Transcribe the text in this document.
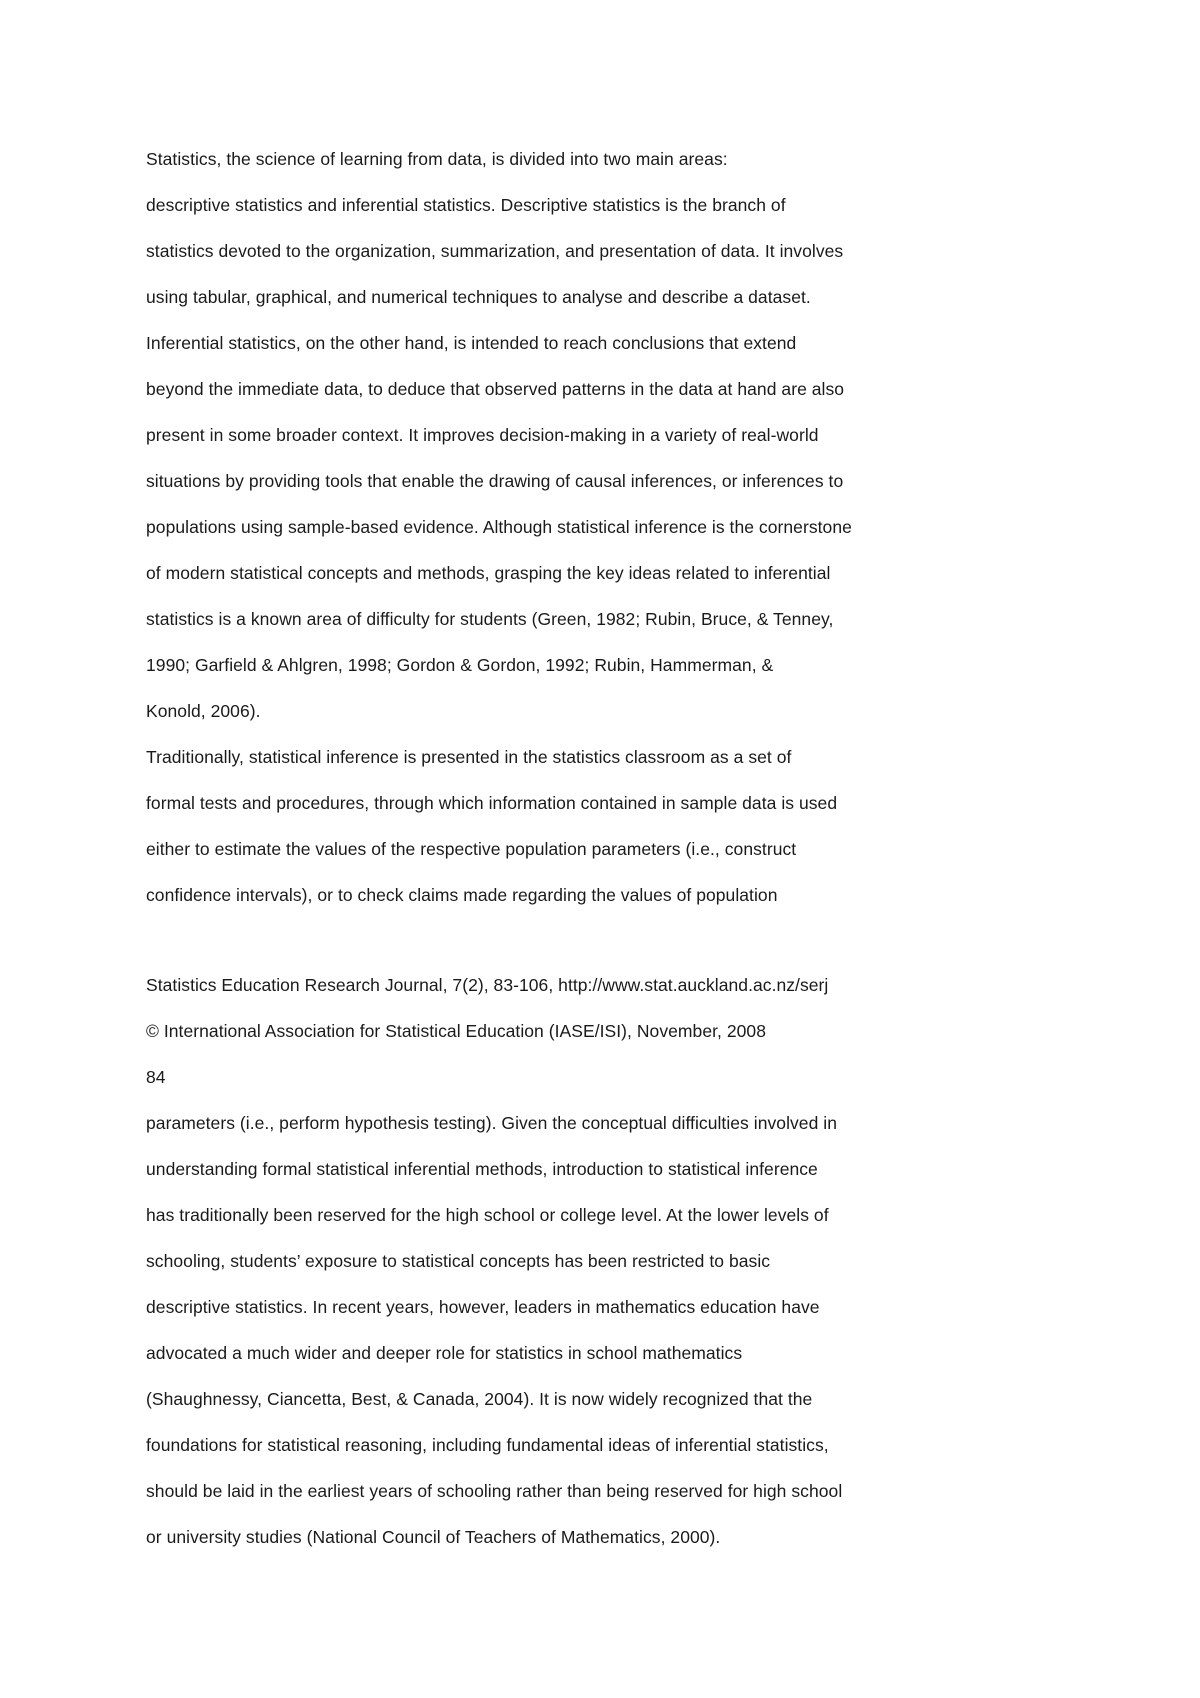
Statistics, the science of learning from data, is divided into two main areas:
descriptive statistics and inferential statistics. Descriptive statistics is the branch of
statistics devoted to the organization, summarization, and presentation of data. It involves
using tabular, graphical, and numerical techniques to analyse and describe a dataset.
Inferential statistics, on the other hand, is intended to reach conclusions that extend
beyond the immediate data, to deduce that observed patterns in the data at hand are also
present in some broader context. It improves decision-making in a variety of real-world
situations by providing tools that enable the drawing of causal inferences, or inferences to
populations using sample-based evidence. Although statistical inference is the cornerstone
of modern statistical concepts and methods, grasping the key ideas related to inferential
statistics is a known area of difficulty for students (Green, 1982; Rubin, Bruce, & Tenney,
1990; Garfield & Ahlgren, 1998; Gordon & Gordon, 1992; Rubin, Hammerman, &
Konold, 2006).
Traditionally, statistical inference is presented in the statistics classroom as a set of
formal tests and procedures, through which information contained in sample data is used
either to estimate the values of the respective population parameters (i.e., construct
confidence intervals), or to check claims made regarding the values of population
Statistics Education Research Journal, 7(2), 83-106, http://www.stat.auckland.ac.nz/serj
© International Association for Statistical Education (IASE/ISI), November, 2008
84
parameters (i.e., perform hypothesis testing). Given the conceptual difficulties involved in
understanding formal statistical inferential methods, introduction to statistical inference
has traditionally been reserved for the high school or college level. At the lower levels of
schooling, students’ exposure to statistical concepts has been restricted to basic
descriptive statistics. In recent years, however, leaders in mathematics education have
advocated a much wider and deeper role for statistics in school mathematics
(Shaughnessy, Ciancetta, Best, & Canada, 2004). It is now widely recognized that the
foundations for statistical reasoning, including fundamental ideas of inferential statistics,
should be laid in the earliest years of schooling rather than being reserved for high school
or university studies (National Council of Teachers of Mathematics, 2000).
